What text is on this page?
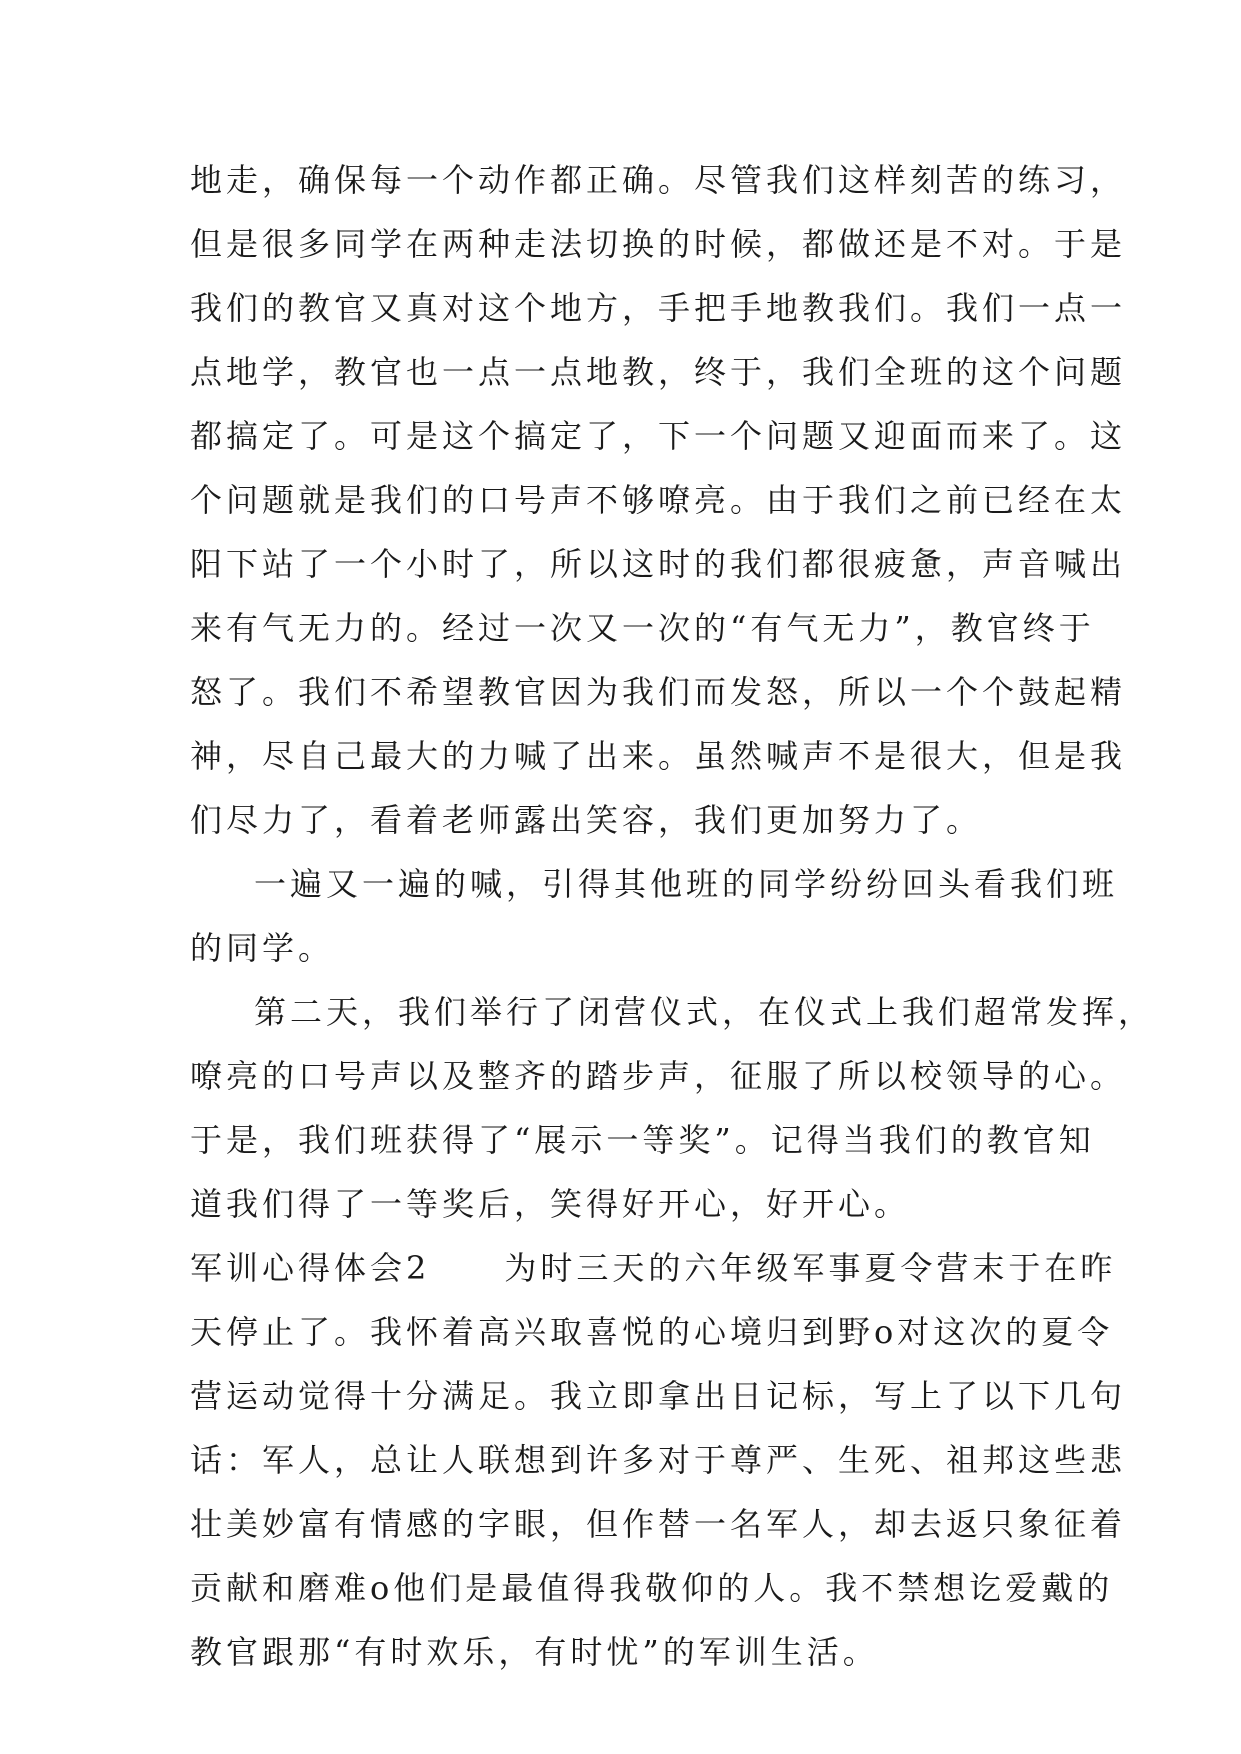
地走，确保每一个动作都正确。尽管我们这样刻苦的练习，
但是很多同学在两种走法切换的时候，都做还是不对。于是
我们的教官又真对这个地方，手把手地教我们。我们一点一
点地学，教官也一点一点地教，终于，我们全班的这个问题
都搞定了。可是这个搞定了，下一个问题又迎面而来了。这
个问题就是我们的口号声不够嘹亮。由于我们之前已经在太
阳下站了一个小时了，所以这时的我们都很疲惫，声音喊出
来有气无力的。经过一次又一次的“有气无力”，教官终于
怒了。我们不希望教官因为我们而发怒，所以一个个鼓起精
神，尽自己最大的力喊了出来。虽然喊声不是很大，但是我
们尽力了，看着老师露出笑容，我们更加努力了。
一遍又一遍的喊，引得其他班的同学纷纷回头看我们班
的同学。
第二天，我们举行了闭营仪式，在仪式上我们超常发挥，
嘹亮的口号声以及整齐的踏步声，征服了所以校领导的心。
于是，我们班获得了“展示一等奖”。记得当我们的教官知
道我们得了一等奖后，笑得好开心，好开心。
军训心得体会2 为时三天的六年级军事夏令营末于在昨
天停止了。我怀着高兴取喜悦的心境归到野o对这次的夏令
营运动觉得十分满足。我立即拿出日记标，写上了以下几句
话：军人，总让人联想到许多对于尊严、生死、祖邦这些悲
壮美妙富有情感的字眼，但作替一名军人，却去返只象征着
贡献和磨难o他们是最值得我敬仰的人。我不禁想讫爱戴的
教官跟那“有时欢乐，有时忧”的军训生活。
